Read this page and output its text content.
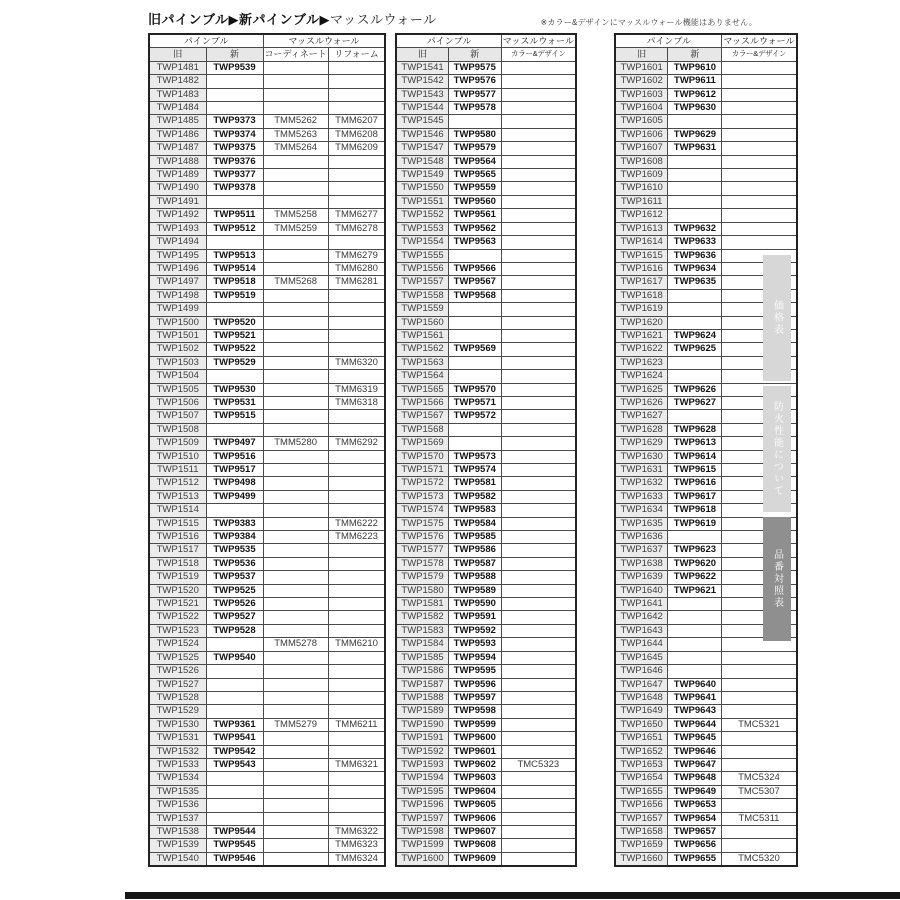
旧パインブル▶新パインブル▶マッスルウォール	※カラー&デザインにマッスルウォール機能はありません。
パインブル		マッスルウォール	
旧	新	コーディネート	リフォーム
TWP1481	TWP9539		
TWP1482			
TWP1483			
TWP1484			
TWP1485	TWP9373	TMM5262	TMM6207
TWP1486	TWP9374	TMM5263	TMM6208
TWP1487	TWP9375	TMM5264	TMM6209
TWP1488	TWP9376		
TWP1489	TWP9377		
TWP1490	TWP9378		
TWP1491			
TWP1492	TWP9511	TMM5258	TMM6277
TWP1493	TWP9512	TMM5259	TMM6278
TWP1494			
TWP1495	TWP9513		TMM6279
TWP1496	TWP9514		TMM6280
TWP1497	TWP9518	TMM5268	TMM6281
TWP1498	TWP9519		
TWP1499			
TWP1500	TWP9520		
TWP1501	TWP9521		
TWP1502	TWP9522		
TWP1503	TWP9529		TMM6320
TWP1504			
TWP1505	TWP9530		TMM6319
TWP1506	TWP9531		TMM6318
TWP1507	TWP9515		
TWP1508			
TWP1509	TWP9497	TMM5280	TMM6292
TWP1510	TWP9516		
TWP1511	TWP9517		
TWP1512	TWP9498		
TWP1513	TWP9499		
TWP1514			
TWP1515	TWP9383		TMM6222
TWP1516	TWP9384		TMM6223
TWP1517	TWP9535		
TWP1518	TWP9536		
TWP1519	TWP9537		
TWP1520	TWP9525		
TWP1521	TWP9526		
TWP1522	TWP9527		
TWP1523	TWP9528		
TWP1524		TMM5278	TMM6210
TWP1525	TWP9540		
TWP1526			
TWP1527			
TWP1528			
TWP1529			
TWP1530	TWP9361	TMM5279	TMM6211
TWP1531	TWP9541		
TWP1532	TWP9542		
TWP1533	TWP9543		TMM6321
TWP1534			
TWP1535			
TWP1536			
TWP1537			
TWP1538	TWP9544		TMM6322
TWP1539	TWP9545		TMM6323
TWP1540	TWP9546		TMM6324
パインブル		マッスルウォール
旧	新	カラー&デザイン
TWP1541	TWP9575	
TWP1542	TWP9576	
TWP1543	TWP9577	
TWP1544	TWP9578	
TWP1545		
TWP1546	TWP9580	
TWP1547	TWP9579	
TWP1548	TWP9564	
TWP1549	TWP9565	
TWP1550	TWP9559	
TWP1551	TWP9560	
TWP1552	TWP9561	
TWP1553	TWP9562	
TWP1554	TWP9563	
TWP1555		
TWP1556	TWP9566	
TWP1557	TWP9567	
TWP1558	TWP9568	
TWP1559		
TWP1560		
TWP1561		
TWP1562	TWP9569	
TWP1563		
TWP1564		
TWP1565	TWP9570	
TWP1566	TWP9571	
TWP1567	TWP9572	
TWP1568		
TWP1569		
TWP1570	TWP9573	
TWP1571	TWP9574	
TWP1572	TWP9581	
TWP1573	TWP9582	
TWP1574	TWP9583	
TWP1575	TWP9584	
TWP1576	TWP9585	
TWP1577	TWP9586	
TWP1578	TWP9587	
TWP1579	TWP9588	
TWP1580	TWP9589	
TWP1581	TWP9590	
TWP1582	TWP9591	
TWP1583	TWP9592	
TWP1584	TWP9593	
TWP1585	TWP9594	
TWP1586	TWP9595	
TWP1587	TWP9596	
TWP1588	TWP9597	
TWP1589	TWP9598	
TWP1590	TWP9599	
TWP1591	TWP9600	
TWP1592	TWP9601	
TWP1593	TWP9602	TMC5323
TWP1594	TWP9603	
TWP1595	TWP9604	
TWP1596	TWP9605	
TWP1597	TWP9606	
TWP1598	TWP9607	
TWP1599	TWP9608	
TWP1600	TWP9609	
パインブル		マッスルウォール
旧	新	カラー&デザイン
TWP1601	TWP9610	
TWP1602	TWP9611	
TWP1603	TWP9612	
TWP1604	TWP9630	
TWP1605		
TWP1606	TWP9629	
TWP1607	TWP9631	
TWP1608		
TWP1609		
TWP1610		
TWP1611		
TWP1612		
TWP1613	TWP9632	
TWP1614	TWP9633	
TWP1615	TWP9636	
TWP1616	TWP9634	
TWP1617	TWP9635	
TWP1618		
TWP1619		
TWP1620		
TWP1621	TWP9624	
TWP1622	TWP9625	
TWP1623		
TWP1624		
TWP1625	TWP9626	
TWP1626	TWP9627	
TWP1627		
TWP1628	TWP9628	
TWP1629	TWP9613	
TWP1630	TWP9614	
TWP1631	TWP9615	
TWP1632	TWP9616	
TWP1633	TWP9617	
TWP1634	TWP9618	
TWP1635	TWP9619	
TWP1636		
TWP1637	TWP9623	
TWP1638	TWP9620	
TWP1639	TWP9622	
TWP1640	TWP9621	
TWP1641		
TWP1642		
TWP1643		
TWP1644		
TWP1645		
TWP1646		
TWP1647	TWP9640	
TWP1648	TWP9641	
TWP1649	TWP9643	
TWP1650	TWP9644	TMC5321
TWP1651	TWP9645	
TWP1652	TWP9646	
TWP1653	TWP9647	
TWP1654	TWP9648	TMC5324
TWP1655	TWP9649	TMC5307
TWP1656	TWP9653	
TWP1657	TWP9654	TMC5311
TWP1658	TWP9657	
TWP1659	TWP9656	
TWP1660	TWP9655	TMC5320
価格表
防火性能について
品番対照表
